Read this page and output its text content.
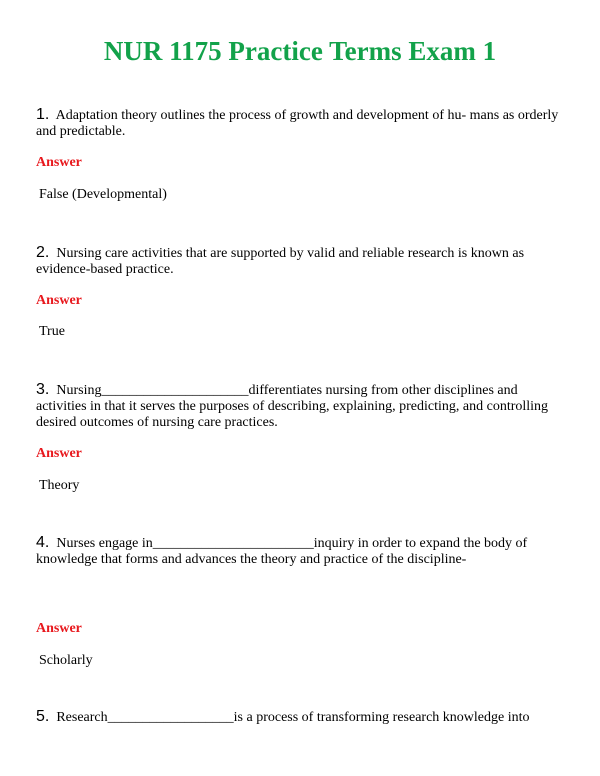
NUR 1175 Practice Terms Exam 1
1. Adaptation theory outlines the process of growth and development of hu- mans as orderly and predictable.
Answer
False (Developmental)
2. Nursing care activities that are supported by valid and reliable research is known as evidence-based practice.
Answer
True
3. Nursing_____________________differentiates nursing from other disciplines and activities in that it serves the purposes of describing, explaining, predicting, and controlling desired outcomes of nursing care practices.
Answer
Theory
4. Nurses engage in_______________________inquiry in order to expand the body of knowledge that forms and advances the theory and practice of the discipline-
Answer
Scholarly
5. Research__________________is a process of transforming research knowledge into
